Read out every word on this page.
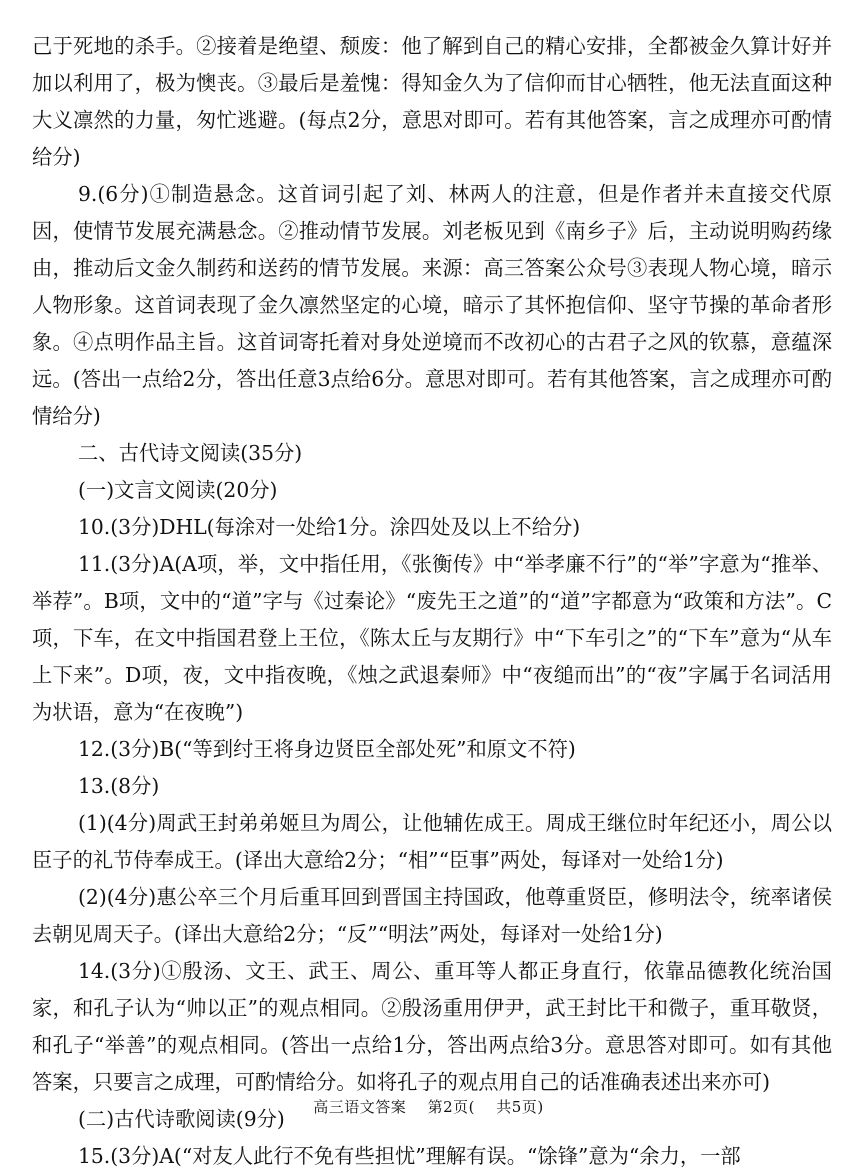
己于死地的杀手。②接着是绝望、颓废：他了解到自己的精心安排，全都被金久算计好并加以利用了，极为懊丧。③最后是羞愧：得知金久为了信仰而甘心牺牲，他无法直面这种大义凛然的力量，匆忙逃避。(每点2分，意思对即可。若有其他答案，言之成理亦可酌情给分)

9.(6分)①制造悬念。这首词引起了刘、林两人的注意，但是作者并未直接交代原因，使情节发展充满悬念。②推动情节发展。刘老板见到《南乡子》后，主动说明购药缘由，推动后文金久制药和送药的情节发展。来源：高三答案公众号③表现人物心境，暗示人物形象。这首词表现了金久凛然坚定的心境，暗示了其怀抱信仰、坚守节操的革命者形象。④点明作品主旨。这首词寄托着对身处逆境而不改初心的古君子之风的钦慕，意蕴深远。(答出一点给2分，答出任意3点给6分。意思对即可。若有其他答案，言之成理亦可酌情给分)

二、古代诗文阅读(35分)

(一)文言文阅读(20分)

10.(3分)DHL(每涂对一处给1分。涂四处及以上不给分)

11.(3分)A(A项，举，文中指任用，《张衡传》中“举孝廉不行”的“举”字意为“推举、举荐”。B项，文中的“道”字与《过秦论》“废先王之道”的“道”字都意为“政策和方法”。C项，下车，在文中指国君登上王位，《陈太丘与友期行》中“下车引之”的“下车”意为“从车上下来”。D项，夜，文中指夜晚，《烛之武退秦师》中“夜缒而出”的“夜”字属于名词活用为状语，意为“在夜晚”)

12.(3分)B(“等到纣王将身边贤臣全部处死”和原文不符)

13.(8分)

(1)(4分)周武王封弟弟姬旦为周公，让他辅佐成王。周成王继位时年纪还小，周公以臣子的礼节侍奉成王。(译出大意给2分；“相”“臣事”两处，每译对一处给1分)

(2)(4分)惠公卒三个月后重耳回到晋国主持国政，他尊重贤臣，修明法令，统率诸侯去朝见周天子。(译出大意给2分；“反”“明法”两处，每译对一处给1分)

14.(3分)①殷汤、文王、武王、周公、重耳等人都正身直行，依靠品德教化统治国家，和孔子认为“帅以正”的观点相同。②殷汤重用伊尹，武王封比干和微子，重耳敬贤，和孔子“举善”的观点相同。(答出一点给1分，答出两点给3分。意思答对即可。如有其他答案，只要言之成理，可酌情给分。如将孔子的观点用自己的话准确表述出来亦可)

(二)古代诗歌阅读(9分)

15.(3分)A(“对友人此行不免有些担忧”理解有误。“馀锋”意为“余力，一部

高三语文答案 第2页( 共5页)
